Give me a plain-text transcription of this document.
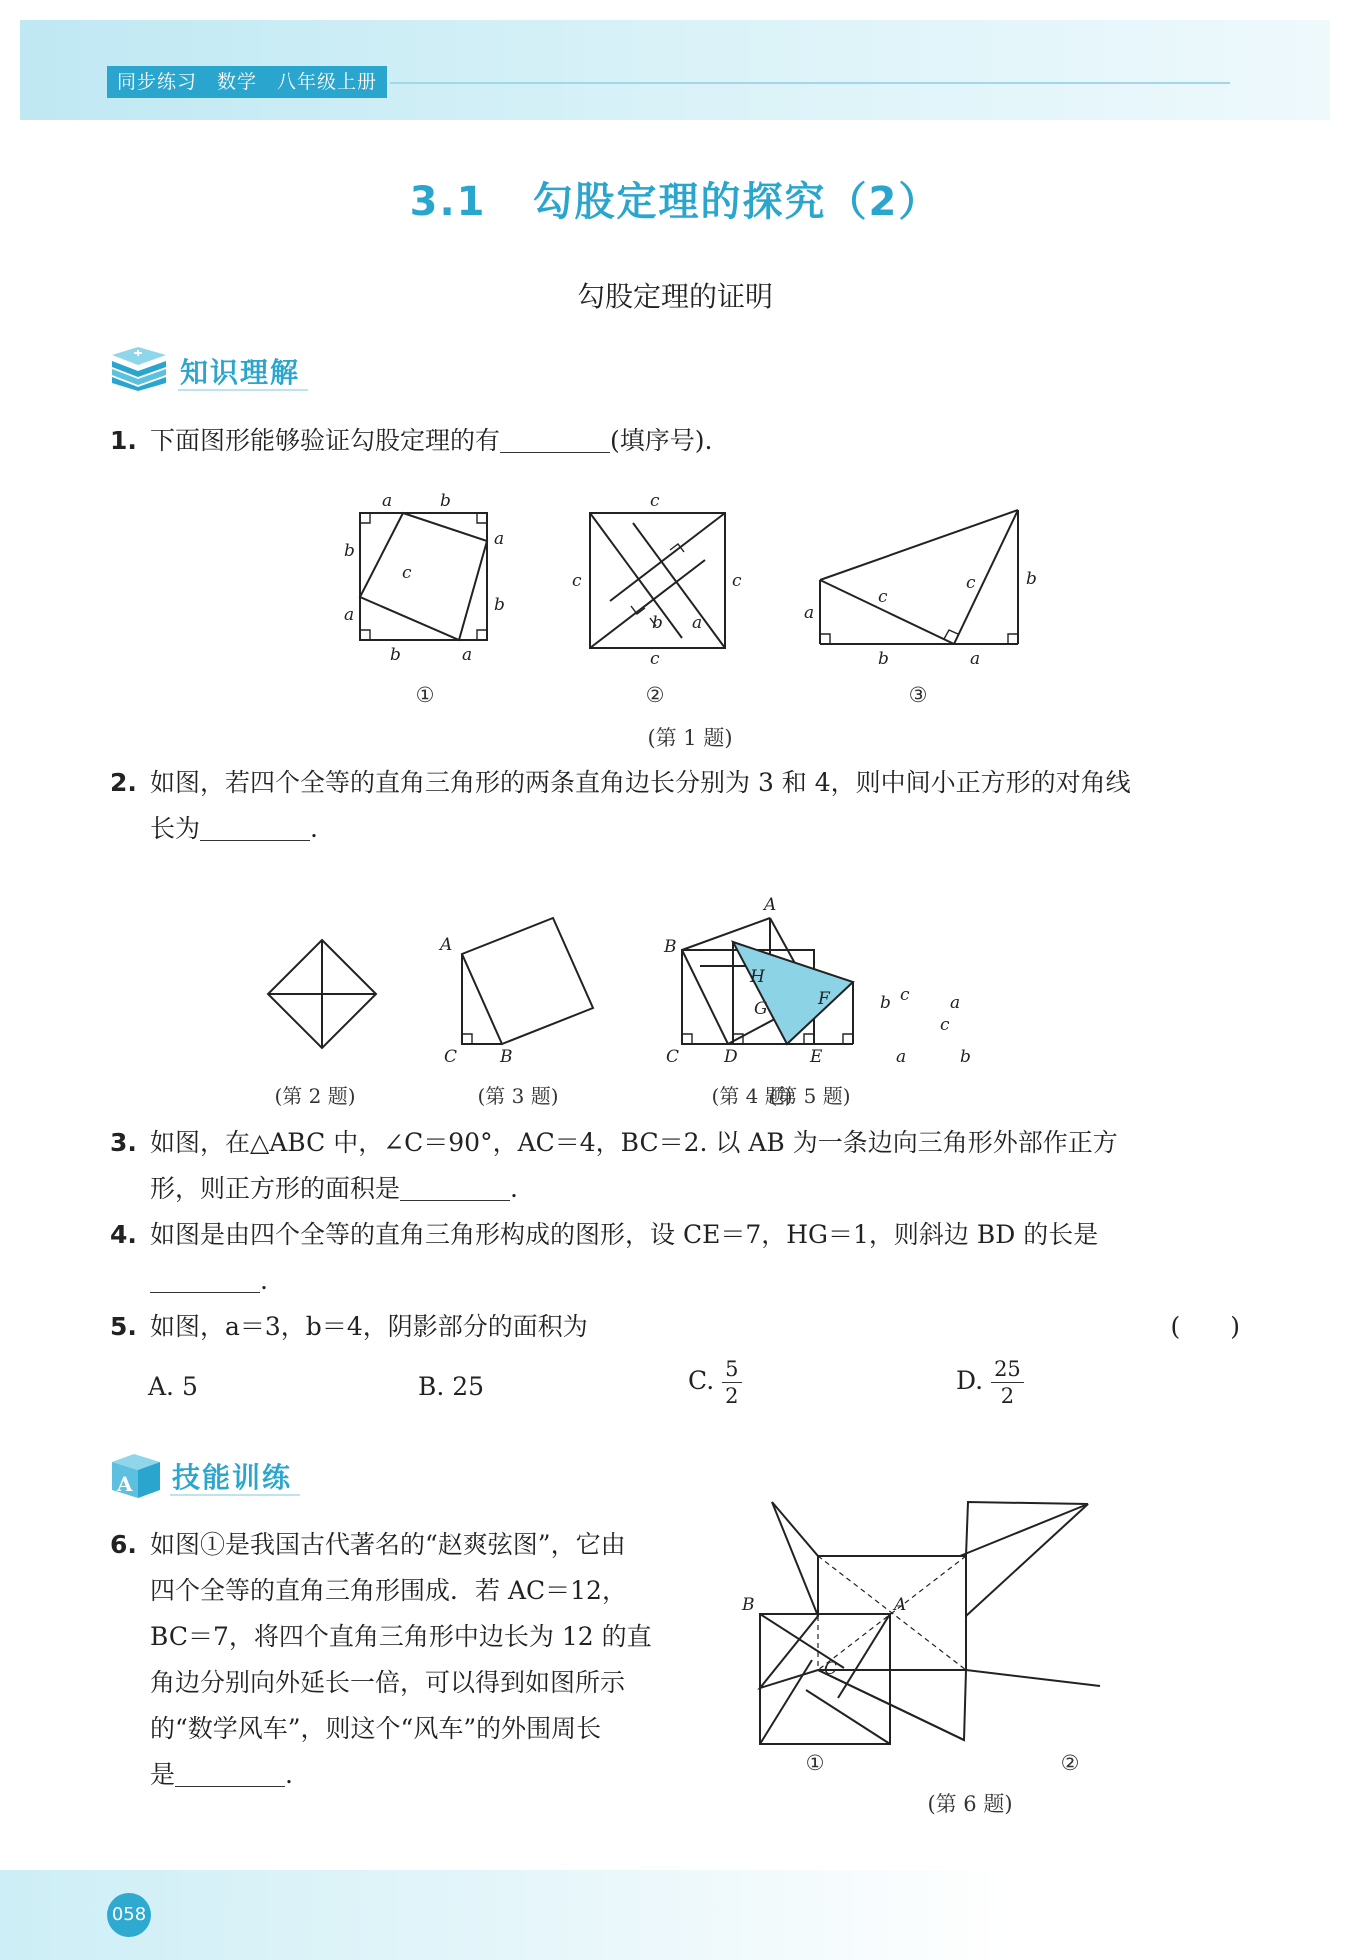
同步练习　数学　八年级上册
3.1 勾股定理的探究（2）
勾股定理的证明
知识理解
1. 下面图形能够验证勾股定理的有	(填序号).
a	b
a
b
b
a
b	a
c
c
c	c
c
b a	a
c
c	b
b	a
①	②	③
(第 1 题)
2. 如图，若四个全等的直角三角形的两条直角边长分别为 3 和 4，则中间小正方形的对角线
长为	.
A
C	B
A
B
H
G	F
C	D	E
b c
c
a
a	b
(第 2 题)	(第 3 题)	(第 4 题)
(第 5 题)
3. 如图，在△ABC 中，∠C＝90°，AC＝4，BC＝2. 以 AB 为一条边向三角形外部作正方
形，则正方形的面积是	.
4. 如图是由四个全等的直角三角形构成的图形，设 CE＝7，HG＝1，则斜边 BD 的长是
.
5. 如图，a＝3，b＝4，阴影部分的面积为	(　　)
A. 5	B. 25	C. $\frac{5}{2}$	D. $\frac{25}{2}$
A 技能训练
6. 如图①是我国古代著名的“赵爽弦图”，它由
四个全等的直角三角形围成．若 AC＝12，
BC＝7，将四个直角三角形中边长为 12 的直
角边分别向外延长一倍，可以得到如图所示
的“数学风车”，则这个“风车”的外围周长
是	.
B	A
C
①	②
(第 6 题)
058
